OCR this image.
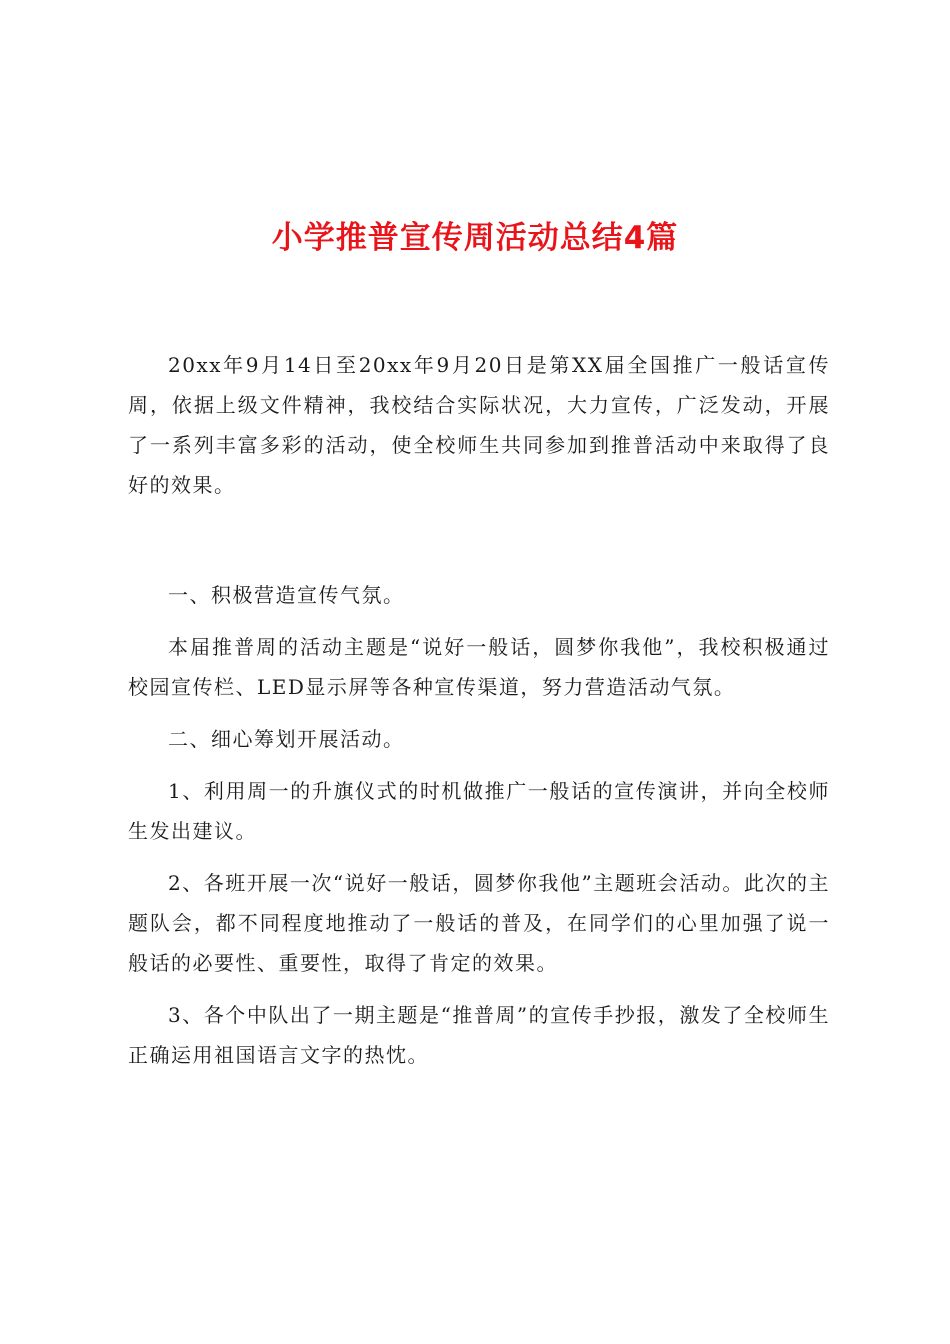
小学推普宣传周活动总结4篇

20xx年9月14日至20xx年9月20日是第XX届全国推广一般话宣传周，依据上级文件精神，我校结合实际状况，大力宣传，广泛发动，开展了一系列丰富多彩的活动，使全校师生共同参加到推普活动中来取得了良好的效果。

一、积极营造宣传气氛。

本届推普周的活动主题是“说好一般话，圆梦你我他”，我校积极通过校园宣传栏、LED显示屏等各种宣传渠道，努力营造活动气氛。

二、细心筹划开展活动。

1、利用周一的升旗仪式的时机做推广一般话的宣传演讲，并向全校师生发出建议。

2、各班开展一次“说好一般话，圆梦你我他”主题班会活动。此次的主题队会，都不同程度地推动了一般话的普及，在同学们的心里加强了说一般话的必要性、重要性，取得了肯定的效果。

3、各个中队出了一期主题是“推普周”的宣传手抄报，激发了全校师生正确运用祖国语言文字的热忱。
